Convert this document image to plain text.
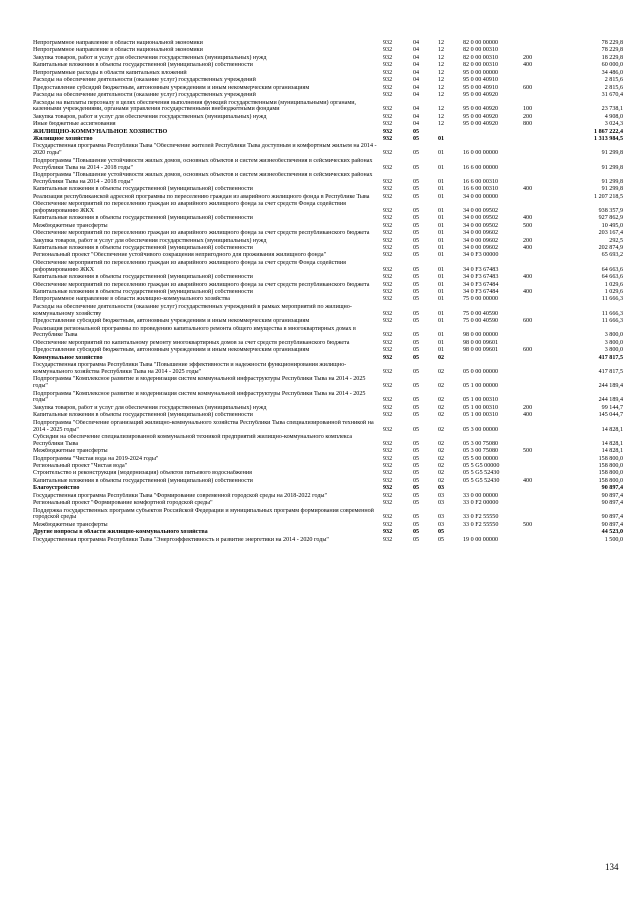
Непрограммное направление в области национальной экономики	932	04	12	82 0 00 00000		78 229,8
Непрограммное направление в области национальной экономики	932	04	12	82 0 00 00310		78 229,8
Закупка товаров, работ и услуг для обеспечения государственных (муниципальных) нужд	932	04	12	82 0 00 00310	200	18 229,8
Капитальные вложения в объекты государственной (муниципальной) собственности	932	04	12	82 0 00 00310	400	60 000,0
Непрограммные расходы в области капитальных вложений	932	04	12	95 0 00 00000		34 486,0
Расходы на обеспечение деятельности (оказание услуг) государственных учреждений	932	04	12	95 0 00 40910		2 815,6
Предоставление субсидий бюджетным, автономным учреждениям и иным некоммерческим организациям	932	04	12	95 0 00 40910	600	2 815,6
Расходы на обеспечение деятельности (оказание услуг) государственных учреждений	932	04	12	95 0 00 40920		31 670,4
Расходы на выплаты персоналу в целях обеспечения выполнения функций государственными (муниципальными) органами, казенными учреждениями, органами управления государственными внебюджетными фондами	932	04	12	95 0 00 40920	100	23 738,1
Закупка товаров, работ и услуг для обеспечения государственных (муниципальных) нужд	932	04	12	95 0 00 40920	200	4 908,0
Иные бюджетные ассигнования	932	04	12	95 0 00 40920	800	3 024,3
ЖИЛИЩНО-КОММУНАЛЬНОЕ ХОЗЯЙСТВО	932	05				1 867 222,4
Жилищное хозяйство	932	05	01			1 313 984,5
Государственная программа Республики Тыва "Обеспечение жителей Республики Тыва доступным и комфортным жильем на 2014 - 2020 годы"	932	05	01	16 0 00 00000		91 299,8
Подпрограмма "Повышение устойчивости жилых домов, основных объектов и систем жизнеобеспечения в сейсмических районах Республики Тыва на 2014 - 2018 годы"	932	05	01	16 6 00 00000		91 299,8
Подпрограмма "Повышение устойчивости жилых домов, основных объектов и систем жизнеобеспечения в сейсмических районах Республики Тыва на 2014 - 2018 годы"	932	05	01	16 6 00 00310		91 299,8
Капитальные вложения в объекты государственной (муниципальной) собственности	932	05	01	16 6 00 00310	400	91 299,8
Реализация республиканской адресной программы по переселению граждан из аварийного жилищного фонда в Республике Тыва	932	05	01	34 0 00 00000		1 207 218,5
Обеспечение мероприятий по переселению граждан из аварийного жилищного фонда за счет средств Фонда содействия реформированию ЖКХ	932	05	01	34 0 00 09502		938 357,9
Капитальные вложения в объекты государственной (муниципальной) собственности	932	05	01	34 0 00 09502	400	927 862,9
Межбюджетные трансферты	932	05	01	34 0 00 09502	500	10 495,0
Обеспечение мероприятий по переселению граждан из аварийного жилищного фонда за счет средств республиканского бюджета	932	05	01	34 0 00 09602		203 167,4
Закупка товаров, работ и услуг для обеспечения государственных (муниципальных) нужд	932	05	01	34 0 00 09602	200	292,5
Капитальные вложения в объекты государственной (муниципальной) собственности	932	05	01	34 0 00 09602	400	202 874,9
Региональный проект "Обеспечение устойчивого сокращения непригодного для проживания жилищного фонда"	932	05	01	34 0 F3 00000		65 693,2
Обеспечение мероприятий по переселению граждан из аварийного жилищного фонда за счет средств Фонда содействия реформированию ЖКХ	932	05	01	34 0 F3 67483		64 663,6
Капитальные вложения в объекты государственной (муниципальной) собственности	932	05	01	34 0 F3 67483	400	64 663,6
Обеспечение мероприятий по переселению граждан из аварийного жилищного фонда за счет средств республиканского бюджета	932	05	01	34 0 F3 67484		1 029,6
Капитальные вложения в объекты государственной (муниципальной) собственности	932	05	01	34 0 F3 67484	400	1 029,6
Непрограммное направление в области жилищно-коммунального хозяйства	932	05	01	75 0 00 00000		11 666,3
Расходы на обеспечение деятельности (оказание услуг) государственных учреждений в рамках мероприятий по жилищно-коммунальному хозяйству	932	05	01	75 0 00 40590		11 666,3
Предоставление субсидий бюджетным, автономным учреждениям и иным некоммерческим организациям	932	05	01	75 0 00 40590	600	11 666,3
Реализация региональной программы по проведению капитального ремонта общего имущества в многоквартирных домах в Республике Тыва	932	05	01	98 0 00 00000		3 800,0
Обеспечение мероприятий по капитальному ремонту многоквартирных домов за счет средств республиканского бюджета	932	05	01	98 0 00 09601		3 800,0
Предоставление субсидий бюджетным, автономным учреждениям и иным некоммерческим организациям	932	05	01	98 0 00 09601	600	3 800,0
Коммунальное хозяйство	932	05	02			417 817,5
Государственная программа Республики Тыва "Повышение эффективности и надежности функционирования жилищно-коммунального хозяйства Республики Тыва на 2014 - 2025 годы"	932	05	02	05 0 00 00000		417 817,5
Подпрограмма "Комплексное развитие и модернизация систем коммунальной инфраструктуры Республики Тыва на 2014 - 2025 годы"	932	05	02	05 1 00 00000		244 189,4
Подпрограмма "Комплексное развитие и модернизация систем коммунальной инфраструктуры Республики Тыва на 2014 - 2025 годы"	932	05	02	05 1 00 00310		244 189,4
Закупка товаров, работ и услуг для обеспечения государственных (муниципальных) нужд	932	05	02	05 1 00 00310	200	99 144,7
Капитальные вложения в объекты государственной (муниципальной) собственности	932	05	02	05 1 00 00310	400	145 044,7
Подпрограмма "Обеспечение организаций жилищно-коммунального хозяйства Республики Тыва специализированной техникой на 2014 - 2025 годы"	932	05	02	05 3 00 00000		14 828,1
Субсидии на обеспечение специализированной коммунальной техникой предприятий жилищно-коммунального комплекса Республики Тыва	932	05	02	05 3 00 75080		14 828,1
Межбюджетные трансферты	932	05	02	05 3 00 75080	500	14 828,1
Подпрограмма "Чистая вода на 2019-2024 годы"	932	05	02	05 5 00 00000		158 800,0
Региональный проект "Чистая вода"	932	05	02	05 5 G5 00000		158 800,0
Строительство и реконструкция (модернизация) объектов питьевого водоснабжения	932	05	02	05 5 G5 52430		158 800,0
Капитальные вложения в объекты государственной (муниципальной) собственности	932	05	02	05 5 G5 52430	400	158 800,0
Благоустройство	932	05	03			90 897,4
Государственная программа Республики Тыва "Формирование современной городской среды на 2018-2022 годы"	932	05	03	33 0 00 00000		90 897,4
Региональный проект "Формирование комфортной городской среды"	932	05	03	33 0 F2 00000		90 897,4
Поддержка государственных программ субъектов Российской Федерации и муниципальных программ формирования современной городской среды	932	05	03	33 0 F2 55550		90 897,4
Межбюджетные трансферты	932	05	03	33 0 F2 55550	500	90 897,4
Другие вопросы в области жилищно-коммунального хозяйства	932	05	05			44 523,0
Государственная программа Республики Тыва "Энергоэффективность и развитие энергетики на 2014 - 2020 годы"	932	05	05	19 0 00 00000		1 500,0
134
